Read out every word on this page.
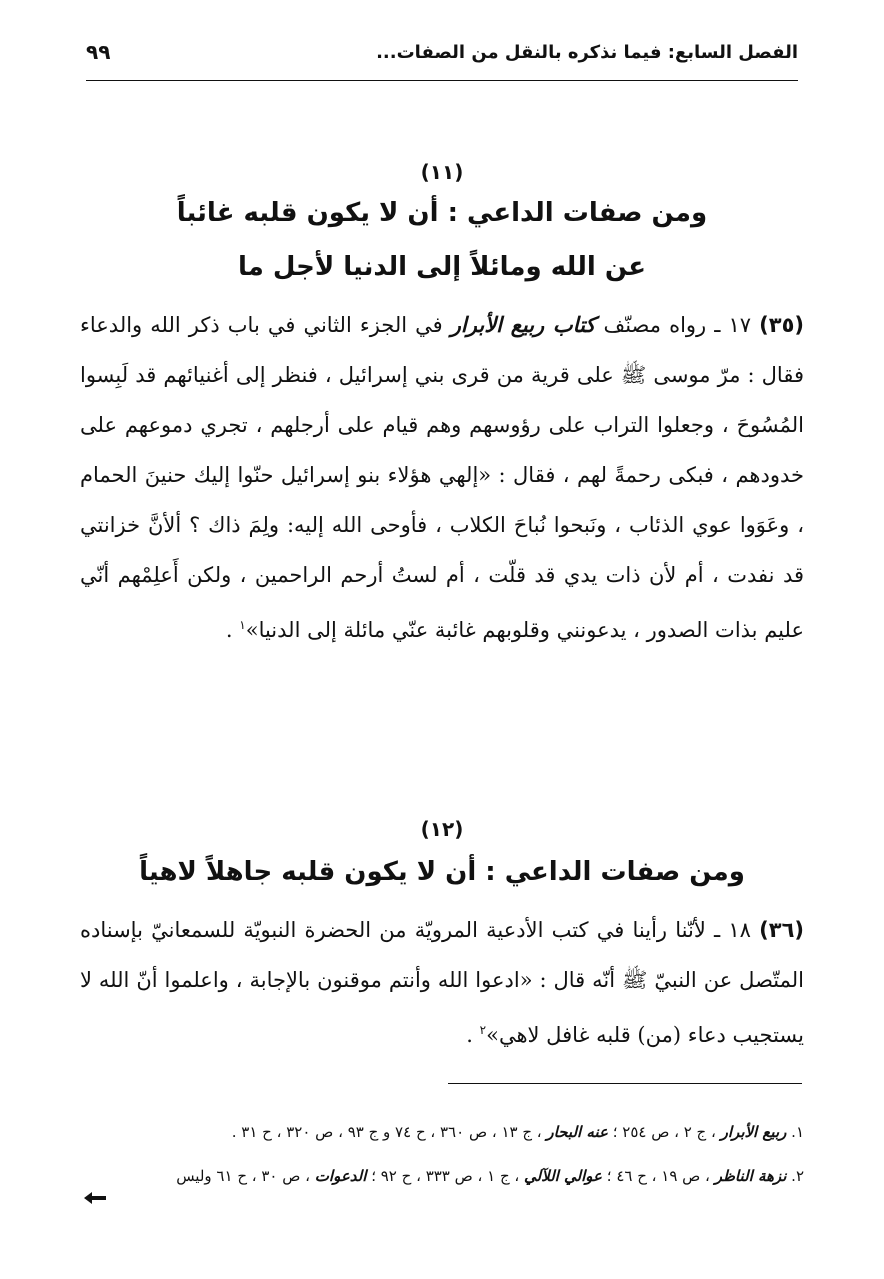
الفصل السابع: فيما نذكره بالنقل من الصفات...
٩٩
(١١)
ومن صفات الداعي : أن لا يكون قلبه غائباً
عن الله ومائلاً إلى الدنيا لأجل ما
(٣٥) ١٧ ـ رواه مصنّف كتاب ربيع الأبرار في الجزء الثاني في باب ذكر الله والدعاء فقال : مرّ موسى ﷺ على قرية من قرى بني إسرائيل ، فنظر إلى أغنيائهم قد لَبِسوا المُسُوحَ ، وجعلوا التراب على رؤوسهم وهم قيام على أرجلهم ، تجري دموعهم على خدودهم ، فبكى رحمةً لهم ، فقال : «إلهي هؤلاء بنو إسرائيل حنّوا إليك حنينَ الحمام ، وعَوَوا عوي الذئاب ، ونَبحوا نُباحَ الكلاب ، فأوحى الله إليه: ولِمَ ذاك ؟ ألأنَّ خزانتي قد نفدت ، أم لأن ذات يدي قد قلّت ، أم لستُ أرحم الراحمين ، ولكن أَعلِمْهم أنّي عليم بذات الصدور ، يدعونني وقلوبهم غائبة عنّي مائلة إلى الدنيا»$^١$ .
(١٢)
ومن صفات الداعي : أن لا يكون قلبه جاهلاً لاهياً
(٣٦) ١٨ ـ لأنّنا رأينا في كتب الأدعية المرويّة من الحضرة النبويّة للسمعانيّ بإسناده المتّصل عن النبيّ ﷺ أنّه قال : «ادعوا الله وأنتم موقنون بالإجابة ، واعلموا أنّ الله لا يستجيب دعاء (من) قلبه غافل لاهي»$^٢$ .
١. ربيع الأبرار ، ج ٢ ، ص ٢٥٤ ؛ عنه البحار ، ج ١٣ ، ص ٣٦٠ ، ح ٧٤ و ج ٩٣ ، ص ٣٢٠ ، ح ٣١ .
٢. نزهة الناظر ، ص ١٩ ، ح ٤٦ ؛ عوالي اللآلي ، ج ١ ، ص ٣٣٣ ، ح ٩٢ ؛ الدعوات ، ص ٣٠ ، ح ٦١ وليس
